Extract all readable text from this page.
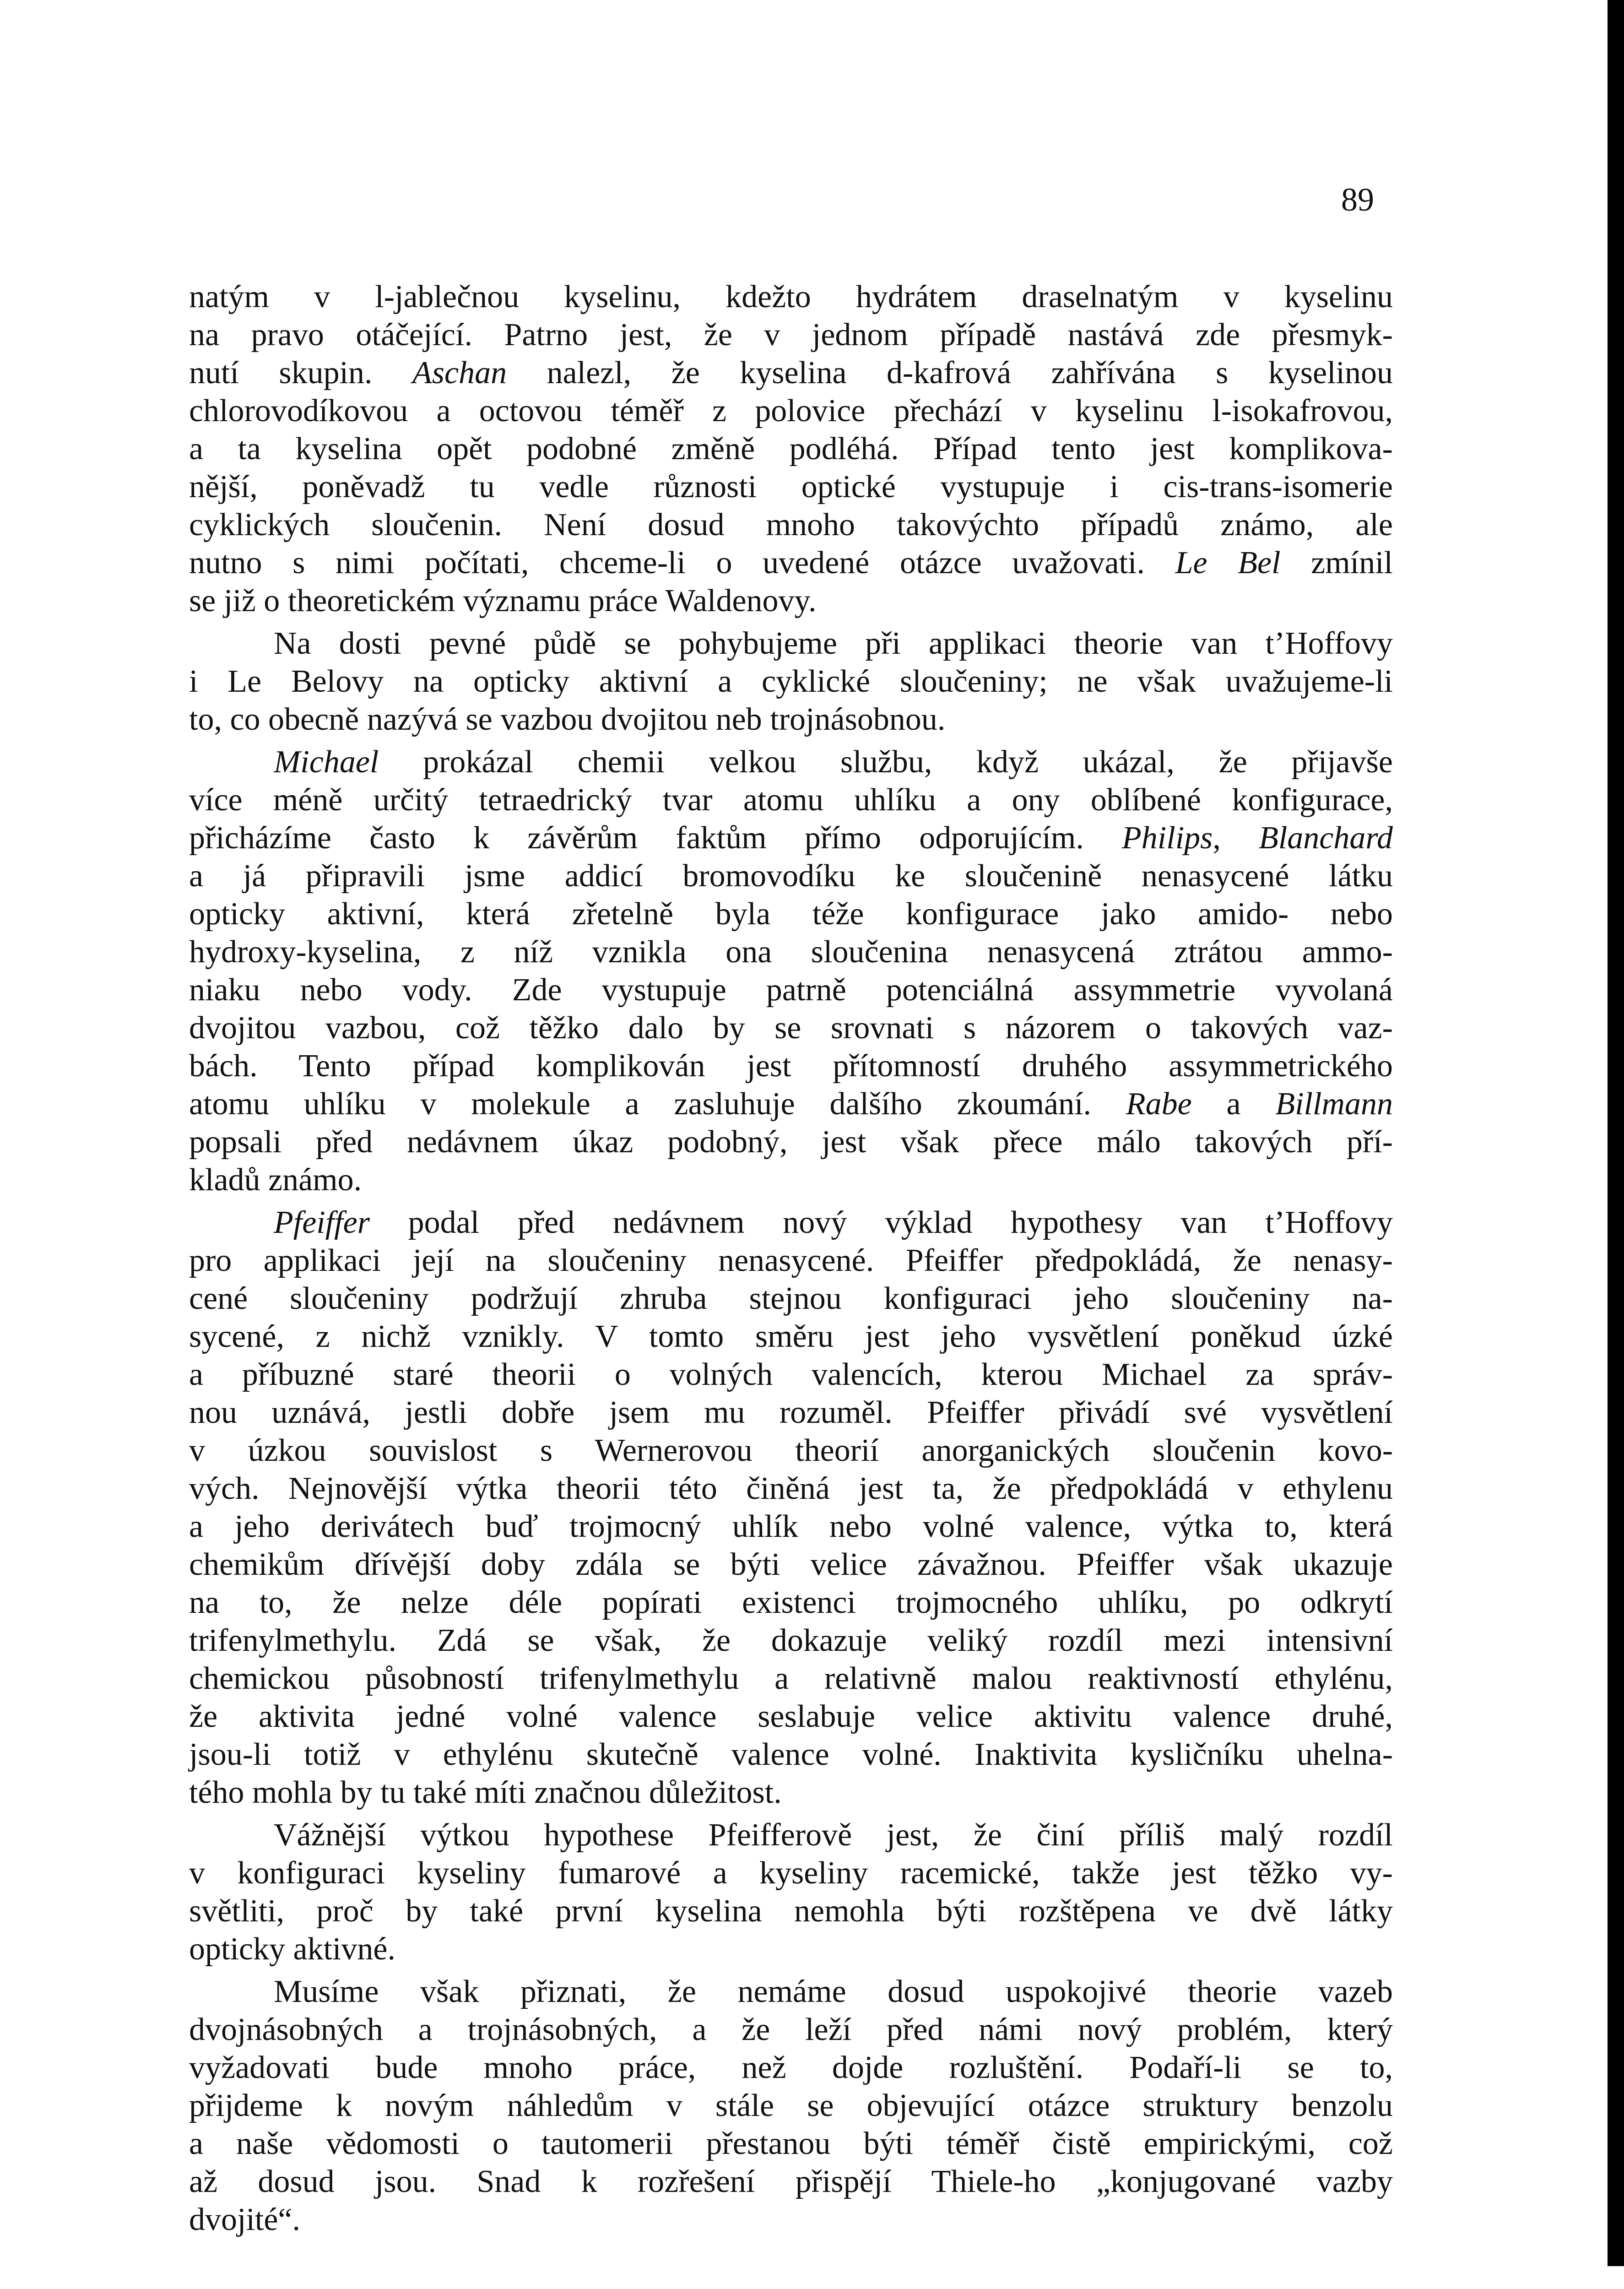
89
natým v l-jablečnou kyselinu, kdežto hydrátem draselnatým v kyselinu
na pravo otáčející. Patrno jest, že v jednom případě nastává zde přesmyk-
nutí skupin. Aschan nalezl, že kyselina d-kafrová zahřívána s kyselinou
chlorovodíkovou a octovou téměř z polovice přechází v kyselinu l-isokafrovou,
a ta kyselina opět podobné změně podléhá. Případ tento jest komplikova-
nější, poněvadž tu vedle různosti optické vystupuje i cis-trans-isomerie
cyklických sloučenin. Není dosud mnoho takovýchto případů známo, ale
nutno s nimi počítati, chceme-li o uvedené otázce uvažovati. Le Bel zmínil
se již o theoretickém významu práce Waldenovy.
Na dosti pevné půdě se pohybujeme při applikaci theorie van t’Hoffovy
i Le Belovy na opticky aktivní a cyklické sloučeniny; ne však uvažujeme-li
to, co obecně nazývá se vazbou dvojitou neb trojnásobnou.
Michael prokázal chemii velkou službu, když ukázal, že přijavše
více méně určitý tetraedrický tvar atomu uhlíku a ony oblíbené konfigurace,
přicházíme často k závěrům faktům přímo odporujícím. Philips, Blanchard
a já připravili jsme addicí bromovodíku ke sloučenině nenasycené látku
opticky aktivní, která zřetelně byla téže konfigurace jako amido- nebo
hydroxy-kyselina, z níž vznikla ona sloučenina nenasycená ztrátou ammo-
niaku nebo vody. Zde vystupuje patrně potenciálná assymmetrie vyvolaná
dvojitou vazbou, což těžko dalo by se srovnati s názorem o takových vaz-
bách. Tento případ komplikován jest přítomností druhého assymmetrického
atomu uhlíku v molekule a zasluhuje dalšího zkoumání. Rabe a Billmann
popsali před nedávnem úkaz podobný, jest však přece málo takových pří-
kladů známo.
Pfeiffer podal před nedávnem nový výklad hypothesy van t’Hoffovy
pro applikaci její na sloučeniny nenasycené. Pfeiffer předpokládá, že nenasy-
cené sloučeniny podržují zhruba stejnou konfiguraci jeho sloučeniny na-
sycené, z nichž vznikly. V tomto směru jest jeho vysvětlení poněkud úzké
a příbuzné staré theorii o volných valencích, kterou Michael za správ-
nou uznává, jestli dobře jsem mu rozuměl. Pfeiffer přivádí své vysvětlení
v úzkou souvislost s Wernerovou theorií anorganických sloučenin kovo-
vých. Nejnovější výtka theorii této činěná jest ta, že předpokládá v ethylenu
a jeho derivátech buď trojmocný uhlík nebo volné valence, výtka to, která
chemikům dřívější doby zdála se býti velice závažnou. Pfeiffer však ukazuje
na to, že nelze déle popírati existenci trojmocného uhlíku, po odkrytí
trifenylmethylu. Zdá se však, že dokazuje veliký rozdíl mezi intensivní
chemickou působností trifenylmethylu a relativně malou reaktivností ethylénu,
že aktivita jedné volné valence seslabuje velice aktivitu valence druhé,
jsou-li totiž v ethylénu skutečně valence volné. Inaktivita kysličníku uhelna-
tého mohla by tu také míti značnou důležitost.
Vážnější výtkou hypothese Pfeifferově jest, že činí příliš malý rozdíl
v konfiguraci kyseliny fumarové a kyseliny racemické, takže jest těžko vy-
světliti, proč by také první kyselina nemohla býti rozštěpena ve dvě látky
opticky aktivné.
Musíme však přiznati, že nemáme dosud uspokojivé theorie vazeb
dvojnásobných a trojnásobných, a že leží před námi nový problém, který
vyžadovati bude mnoho práce, než dojde rozluštění. Podaří-li se to,
přijdeme k novým náhledům v stále se objevující otázce struktury benzolu
a naše vědomosti o tautomerii přestanou býti téměř čistě empirickými, což
až dosud jsou. Snad k rozřešení přispějí Thiele-ho „konjugované vazby
dvojité“.
